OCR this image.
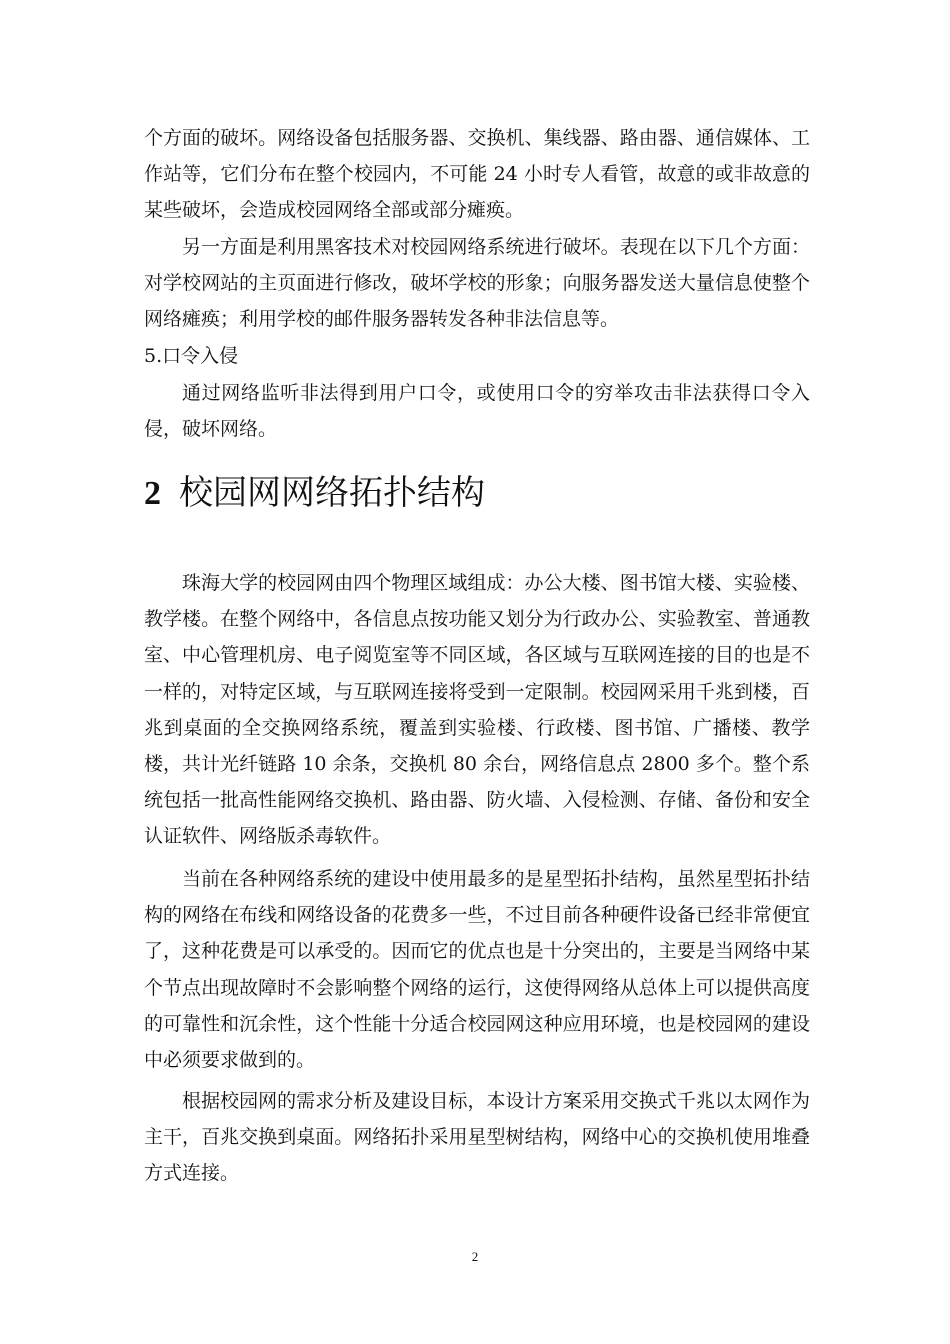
个方面的破坏。网络设备包括服务器、交换机、集线器、路由器、通信媒体、工作站等，它们分布在整个校园内，不可能 24 小时专人看管，故意的或非故意的某些破坏，会造成校园网络全部或部分瘫痪。

另一方面是利用黑客技术对校园网络系统进行破坏。表现在以下几个方面：对学校网站的主页面进行修改，破坏学校的形象；向服务器发送大量信息使整个网络瘫痪；利用学校的邮件服务器转发各种非法信息等。

5.口令入侵

通过网络监听非法得到用户口令，或使用口令的穷举攻击非法获得口令入侵，破坏网络。

2 校园网网络拓扑结构

珠海大学的校园网由四个物理区域组成：办公大楼、图书馆大楼、实验楼、教学楼。在整个网络中，各信息点按功能又划分为行政办公、实验教室、普通教室、中心管理机房、电子阅览室等不同区域，各区域与互联网连接的目的也是不一样的，对特定区域，与互联网连接将受到一定限制。校园网采用千兆到楼，百兆到桌面的全交换网络系统，覆盖到实验楼、行政楼、图书馆、广播楼、教学楼，共计光纤链路 10 余条，交换机 80 余台，网络信息点 2800 多个。整个系统包括一批高性能网络交换机、路由器、防火墙、入侵检测、存储、备份和安全认证软件、网络版杀毒软件。

当前在各种网络系统的建设中使用最多的是星型拓扑结构，虽然星型拓扑结构的网络在布线和网络设备的花费多一些，不过目前各种硬件设备已经非常便宜了，这种花费是可以承受的。因而它的优点也是十分突出的，主要是当网络中某个节点出现故障时不会影响整个网络的运行，这使得网络从总体上可以提供高度的可靠性和沉余性，这个性能十分适合校园网这种应用环境，也是校园网的建设中必须要求做到的。

根据校园网的需求分析及建设目标，本设计方案采用交换式千兆以太网作为主干，百兆交换到桌面。网络拓扑采用星型树结构，网络中心的交换机使用堆叠方式连接。

2
